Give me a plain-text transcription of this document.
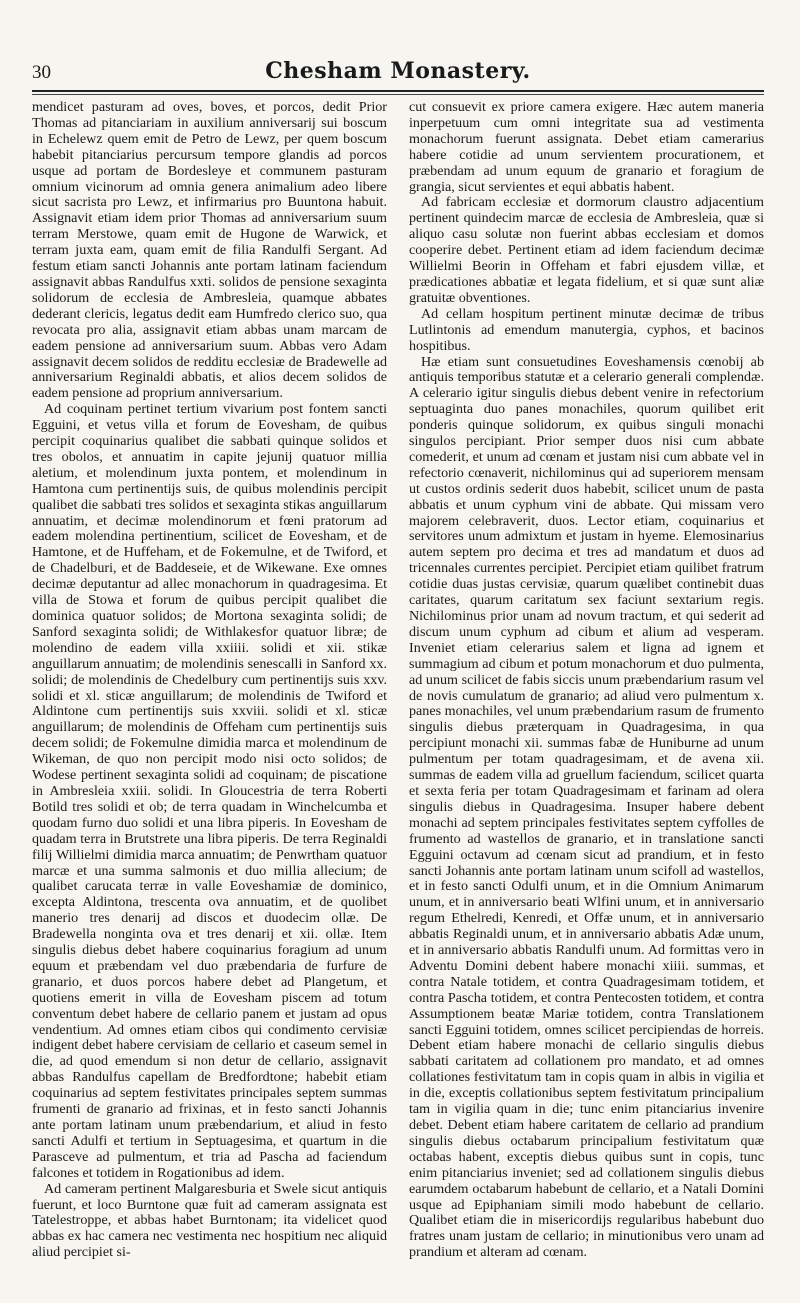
30	Chesham Monastery.

mendicet pasturam ad oves, boves, et porcos, dedit Prior Thomas ad pitanciariam in auxilium anniversarij sui boscum in Echelewz quem emit de Petro de Lewz, per quem boscum habebit pitanciarius percursum tempore glandis ad porcos usque ad portam de Bordesleye et communem pasturam omnium vicinorum ad omnia genera animalium adeo libere sicut sacrista pro Lewz, et infirmarius pro Buuntona habuit. Assignavit etiam idem prior Thomas ad anniversarium suum terram Merstowe, quam emit de Hugone de Warwick, et terram juxta eam, quam emit de filia Randulfi Sergant. Ad festum etiam sancti Johannis ante portam latinam faciendum assignavit abbas Randulfus xxti. solidos de pensione sexaginta solidorum de ecclesia de Ambresleia, quamque abbates dederant clericis, legatus dedit eam Humfredo clerico suo, qua revocata pro alia, assignavit etiam abbas unam marcam de eadem pensione ad anniversarium suum. Abbas vero Adam assignavit decem solidos de redditu ecclesiæ de Bradewelle ad anniversarium Reginaldi abbatis, et alios decem solidos de eadem pensione ad proprium anniversarium.

Ad coquinam pertinet tertium vivarium post fontem sancti Egguini, et vetus villa et forum de Eovesham, de quibus percipit coquinarius qualibet die sabbati quinque solidos et tres obolos, et annuatim in capite jejunij quatuor millia aletium, et molendinum juxta pontem, et molendinum in Hamtona cum pertinentijs suis, de quibus molendinis percipit qualibet die sabbati tres solidos et sexaginta stikas anguillarum annuatim, et decimæ molendinorum et fœni pratorum ad eadem molendina pertinentium, scilicet de Eovesham, et de Hamtone, et de Huffeham, et de Fokemulne, et de Twiford, et de Chadelburi, et de Baddeseie, et de Wikewane. Exe omnes decimæ deputantur ad allec monachorum in quadragesima. Et villa de Stowa et forum de quibus percipit qualibet die dominica quatuor solidos; de Mortona sexaginta solidi; de Sanford sexaginta solidi; de Withlakesfor quatuor libræ; de molendino de eadem villa xxiiii. solidi et xii. stikæ anguillarum annuatim; de molendinis senescalli in Sanford xx. solidi; de molendinis de Chedelbury cum pertinentijs suis xxv. solidi et xl. sticæ anguillarum; de molendinis de Twiford et Aldintone cum pertinentijs suis xxviii. solidi et xl. sticæ anguillarum; de molendinis de Offeham cum pertinentijs suis decem solidi; de Fokemulne dimidia marca et molendinum de Wikeman, de quo non percipit modo nisi octo solidos; de Wodese pertinent sexaginta solidi ad coquinam; de piscatione in Ambresleia xxiii. solidi. In Gloucestria de terra Roberti Botild tres solidi et ob; de terra quadam in Winchelcumba et quodam furno duo solidi et una libra piperis. In Eovesham de quadam terra in Brutstrete una libra piperis. De terra Reginaldi filij Willielmi dimidia marca annuatim; de Penwrtham quatuor marcæ et una summa salmonis et duo millia allecium; de qualibet carucata terræ in valle Eoveshamiæ de dominico, excepta Aldintona, trescenta ova annuatim, et de quolibet manerio tres denarij ad discos et duodecim ollæ. De Bradewella nonginta ova et tres denarij et xii. ollæ. Item singulis diebus debet habere coquinarius foragium ad unum equum et præbendam vel duo præbendaria de furfure de granario, et duos porcos habere debet ad Plangetum, et quotiens emerit in villa de Eovesham piscem ad totum conventum debet habere de cellario panem et justam ad opus vendentium. Ad omnes etiam cibos qui condimento cervisiæ indigent debet habere cervisiam de cellario et caseum semel in die, ad quod emendum si non detur de cellario, assignavit abbas Randulfus capellam de Bredfordtone; habebit etiam coquinarius ad septem festivitates principales septem summas frumenti de granario ad frixinas, et in festo sancti Johannis ante portam latinam unum præbendarium, et aliud in festo sancti Adulfi et tertium in Septuagesima, et quartum in die Parasceve ad pulmentum, et tria ad Pascha ad faciendum falcones et totidem in Rogationibus ad idem.

Ad cameram pertinent Malgaresburia et Swele sicut antiquis fuerunt, et loco Burntone quæ fuit ad cameram assignata est Tatelestroppe, et abbas habet Burntonam; ita videlicet quod abbas ex hac camera nec vestimenta nec hospitium nec aliquid aliud percipiet si-

cut consuevit ex priore camera exigere. Hæc autem maneria inperpetuum cum omni integritate sua ad vestimenta monachorum fuerunt assignata. Debet etiam camerarius habere cotidie ad unum servientem procurationem, et præbendam ad unum equum de granario et foragium de grangia, sicut servientes et equi abbatis habent.

Ad fabricam ecclesiæ et dormorum claustro adjacentium pertinent quindecim marcæ de ecclesia de Ambresleia, quæ si aliquo casu solutæ non fuerint abbas ecclesiam et domos cooperire debet. Pertinent etiam ad idem faciendum decimæ Willielmi Beorin in Offeham et fabri ejusdem villæ, et prædicationes abbatiæ et legata fidelium, et si quæ sunt aliæ gratuitæ obventiones.

Ad cellam hospitum pertinent minutæ decimæ de tribus Lutlintonis ad emendum manutergia, cyphos, et bacinos hospitibus.

Hæ etiam sunt consuetudines Eoveshamensis cœnobij ab antiquis temporibus statutæ et a celerario generali complendæ. A celerario igitur singulis diebus debent venire in refectorium septuaginta duo panes monachiles, quorum quilibet erit ponderis quinque solidorum, ex quibus singuli monachi singulos percipiant. Prior semper duos nisi cum abbate comederit, et unum ad cœnam et justam nisi cum abbate vel in refectorio cœnaverit, nichilominus qui ad superiorem mensam ut custos ordinis sederit duos habebit, scilicet unum de pasta abbatis et unum cyphum vini de abbate. Qui missam vero majorem celebraverit, duos. Lector etiam, coquinarius et servitores unum admixtum et justam in hyeme. Elemosinarius autem septem pro decima et tres ad mandatum et duos ad tricennales currentes percipiet. Percipiet etiam quilibet fratrum cotidie duas justas cervisiæ, quarum quælibet continebit duas caritates, quarum caritatum sex faciunt sextarium regis. Nichilominus prior unam ad novum tractum, et qui sederit ad discum unum cyphum ad cibum et alium ad vesperam. Inveniet etiam celerarius salem et ligna ad ignem et summagium ad cibum et potum monachorum et duo pulmenta, ad unum scilicet de fabis siccis unum præbendarium rasum vel de novis cumulatum de granario; ad aliud vero pulmentum x. panes monachiles, vel unum præbendarium rasum de frumento singulis diebus præterquam in Quadragesima, in qua percipiunt monachi xii. summas fabæ de Huniburne ad unum pulmentum per totam quadragesimam, et de avena xii. summas de eadem villa ad gruellum faciendum, scilicet quarta et sexta feria per totam Quadragesimam et farinam ad olera singulis diebus in Quadragesima. Insuper habere debent monachi ad septem principales festivitates septem cyffolles de frumento ad wastellos de granario, et in translatione sancti Egguini octavum ad cœnam sicut ad prandium, et in festo sancti Johannis ante portam latinam unum scifoll ad wastellos, et in festo sancti Odulfi unum, et in die Omnium Animarum unum, et in anniversario beati Wlfini unum, et in anniversario regum Ethelredi, Kenredi, et Offæ unum, et in anniversario abbatis Reginaldi unum, et in anniversario abbatis Adæ unum, et in anniversario abbatis Randulfi unum. Ad formittas vero in Adventu Domini debent habere monachi xiiii. summas, et contra Natale totidem, et contra Quadragesimam totidem, et contra Pascha totidem, et contra Pentecosten totidem, et contra Assumptionem beatæ Mariæ totidem, contra Translationem sancti Egguini totidem, omnes scilicet percipiendas de horreis. Debent etiam habere monachi de cellario singulis diebus sabbati caritatem ad collationem pro mandato, et ad omnes collationes festivitatum tam in copis quam in albis in vigilia et in die, exceptis collationibus septem festivitatum principalium tam in vigilia quam in die; tunc enim pitanciarius invenire debet. Debent etiam habere caritatem de cellario ad prandium singulis diebus octabarum principalium festivitatum quæ octabas habent, exceptis diebus quibus sunt in copis, tunc enim pitanciarius inveniet; sed ad collationem singulis diebus earumdem octabarum habebunt de cellario, et a Natali Domini usque ad Epiphaniam simili modo habebunt de cellario. Qualibet etiam die in misericordijs regularibus habebunt duo fratres unam justam de cellario; in minutionibus vero unam ad prandium et alteram ad cœnam.
